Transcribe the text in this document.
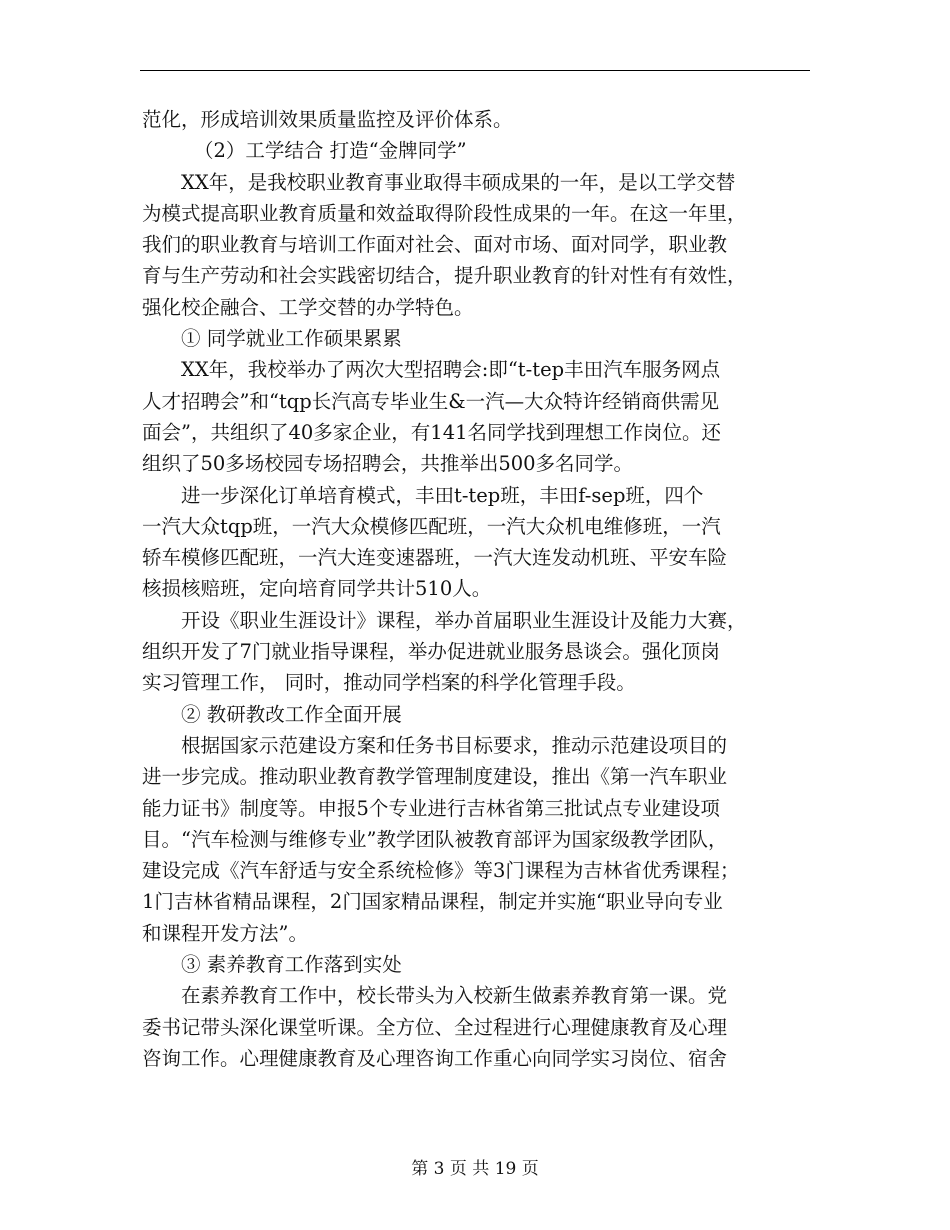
范化，形成培训效果质量监控及评价体系。
（2）工学结合 打造“金牌同学”
XX年，是我校职业教育事业取得丰硕成果的一年，是以工学交替
为模式提高职业教育质量和效益取得阶段性成果的一年。在这一年里，
我们的职业教育与培训工作面对社会、面对市场、面对同学，职业教
育与生产劳动和社会实践密切结合，提升职业教育的针对性有有效性，
强化校企融合、工学交替的办学特色。
① 同学就业工作硕果累累
XX年，我校举办了两次大型招聘会:即“t-tep丰田汽车服务网点
人才招聘会”和“tqp长汽高专毕业生&一汽—大众特许经销商供需见
面会”，共组织了40多家企业，有141名同学找到理想工作岗位。还
组织了50多场校园专场招聘会，共推举出500多名同学。
进一步深化订单培育模式，丰田t-tep班，丰田f-sep班，四个
一汽大众tqp班，一汽大众模修匹配班，一汽大众机电维修班，一汽
轿车模修匹配班，一汽大连变速器班，一汽大连发动机班、平安车险
核损核赔班，定向培育同学共计510人。
开设《职业生涯设计》课程，举办首届职业生涯设计及能力大赛，
组织开发了7门就业指导课程，举办促进就业服务恳谈会。强化顶岗
实习管理工作， 同时，推动同学档案的科学化管理手段。
② 教研教改工作全面开展
根据国家示范建设方案和任务书目标要求，推动示范建设项目的
进一步完成。推动职业教育教学管理制度建设，推出《第一汽车职业
能力证书》制度等。申报5个专业进行吉林省第三批试点专业建设项
目。“汽车检测与维修专业”教学团队被教育部评为国家级教学团队，
建设完成《汽车舒适与安全系统检修》等3门课程为吉林省优秀课程；
1门吉林省精品课程，2门国家精品课程，制定并实施“职业导向专业
和课程开发方法”。
③ 素养教育工作落到实处
在素养教育工作中，校长带头为入校新生做素养教育第一课。党
委书记带头深化课堂听课。全方位、全过程进行心理健康教育及心理
咨询工作。心理健康教育及心理咨询工作重心向同学实习岗位、宿舍
第 3 页 共 19 页
